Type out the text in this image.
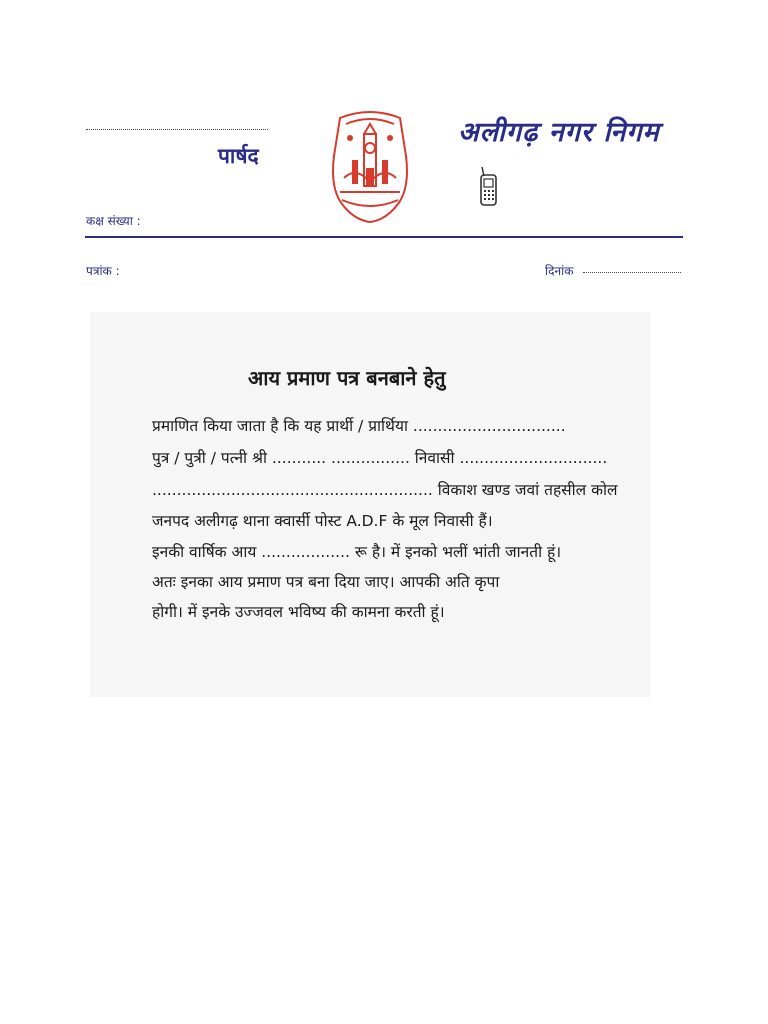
पार्षद
अलीगढ़ नगर निगम
कक्ष संख्या :
पत्रांक :	दिनांक
आय प्रमाण पत्र बनबाने हेतु
प्रमाणित किया जाता है कि यह प्रार्थी / प्रार्थिया ...............................
पुत्र / पुत्री / पत्नी श्री ........... ................ निवासी ..............................
......................................................... विकाश खण्ड जवां तहसील कोल
जनपद अलीगढ़ थाना क्वार्सी पोस्ट A.D.F के मूल निवासी हैं।
इनकी वार्षिक आय .................. रू है। में इनको भलीं भांती जानती हूं।
अतः इनका आय प्रमाण पत्र बना दिया जाए। आपकी अति कृपा
होगी। में इनके उज्जवल भविष्य की कामना करती हूं।
